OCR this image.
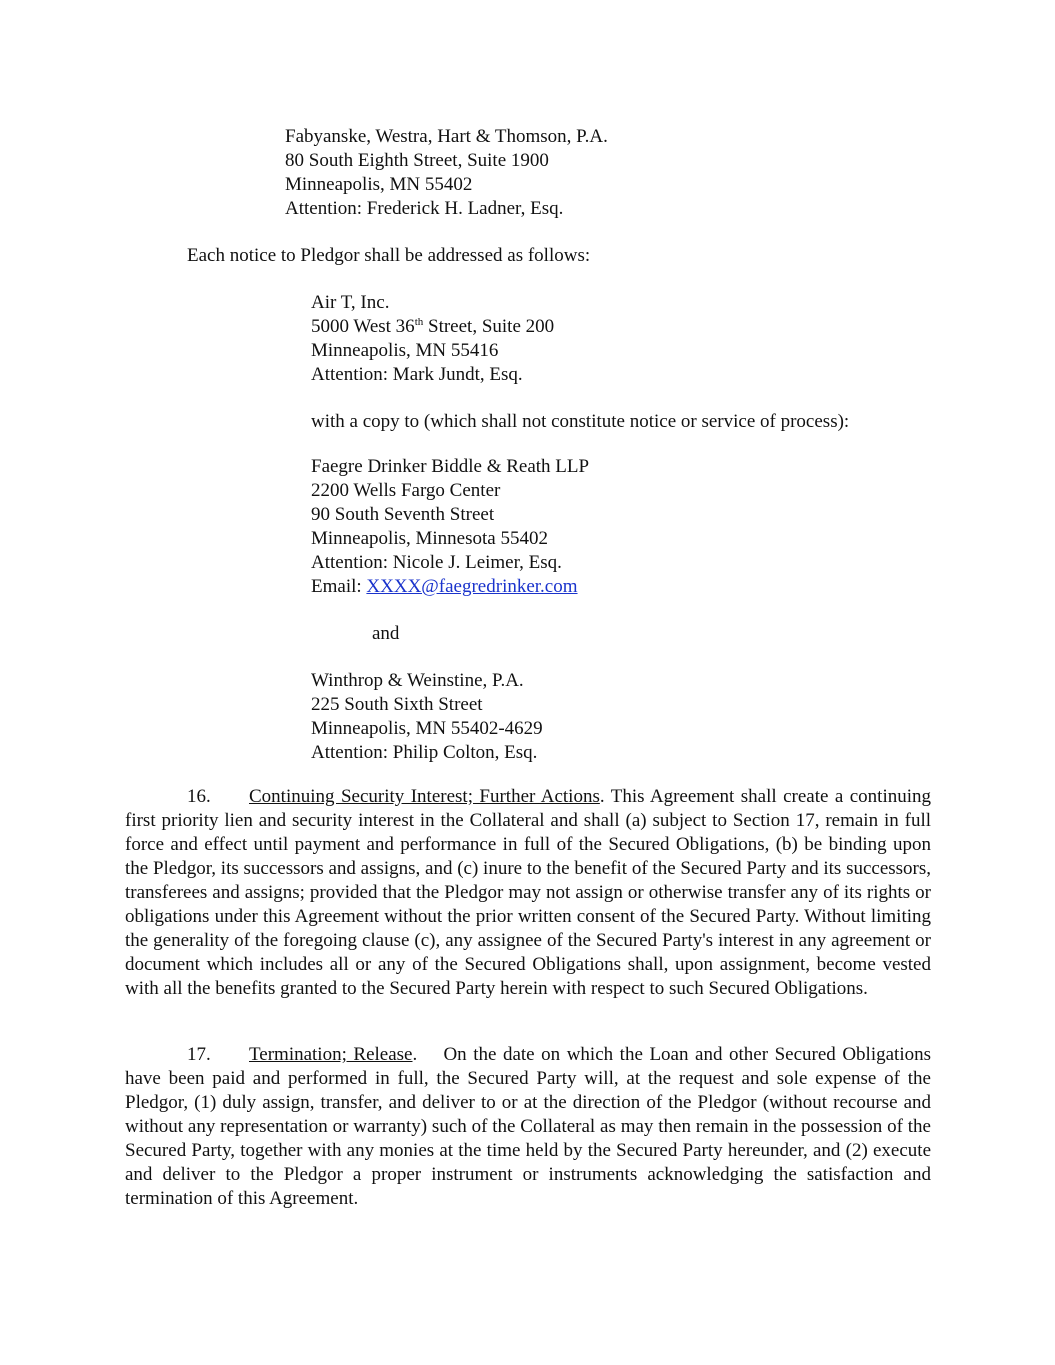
Fabyanske, Westra, Hart & Thomson, P.A.
80 South Eighth Street, Suite 1900
Minneapolis, MN 55402
Attention: Frederick H. Ladner, Esq.
Each notice to Pledgor shall be addressed as follows:
Air T, Inc.
5000 West 36th Street, Suite 200
Minneapolis, MN 55416
Attention: Mark Jundt, Esq.
with a copy to (which shall not constitute notice or service of process):
Faegre Drinker Biddle & Reath LLP
2200 Wells Fargo Center
90 South Seventh Street
Minneapolis, Minnesota 55402
Attention: Nicole J. Leimer, Esq.
Email: XXXX@faegredrinker.com
and
Winthrop & Weinstine, P.A.
225 South Sixth Street
Minneapolis, MN 55402-4629
Attention: Philip Colton, Esq.
16. Continuing Security Interest; Further Actions. This Agreement shall create a continuing first priority lien and security interest in the Collateral and shall (a) subject to Section 17, remain in full force and effect until payment and performance in full of the Secured Obligations, (b) be binding upon the Pledgor, its successors and assigns, and (c) inure to the benefit of the Secured Party and its successors, transferees and assigns; provided that the Pledgor may not assign or otherwise transfer any of its rights or obligations under this Agreement without the prior written consent of the Secured Party. Without limiting the generality of the foregoing clause (c), any assignee of the Secured Party's interest in any agreement or document which includes all or any of the Secured Obligations shall, upon assignment, become vested with all the benefits granted to the Secured Party herein with respect to such Secured Obligations.
17. Termination; Release.    On the date on which the Loan and other Secured Obligations have been paid and performed in full, the Secured Party will, at the request and sole expense of the Pledgor, (1) duly assign, transfer, and deliver to or at the direction of the Pledgor (without recourse and without any representation or warranty) such of the Collateral as may then remain in the possession of the Secured Party, together with any monies at the time held by the Secured Party hereunder, and (2) execute and deliver to the Pledgor a proper instrument or instruments acknowledging the satisfaction and termination of this Agreement.
